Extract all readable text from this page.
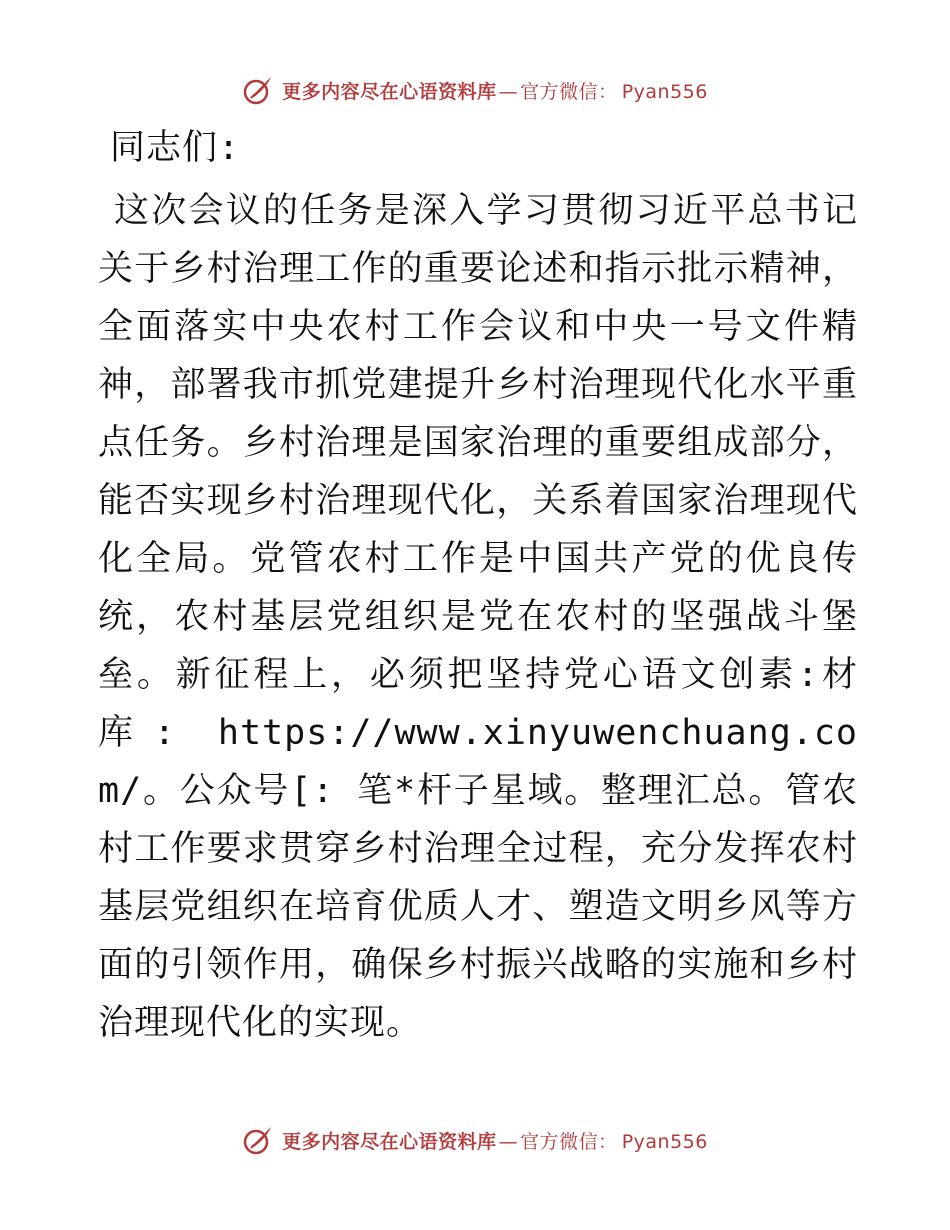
更多内容尽在心语资料库 — 官方微信： Pyan556
同志们:

这次会议的任务是深入学习贯彻习近平总书记关于乡村治理工作的重要论述和指示批示精神，全面落实中央农村工作会议和中央一号文件精神，部署我市抓党建提升乡村治理现代化水平重点任务。乡村治理是国家治理的重要组成部分，能否实现乡村治理现代化，关系着国家治理现代化全局。党管农村工作是中国共产党的优良传统，农村基层党组织是党在农村的坚强战斗堡垒。新征程上，必须把坚持党心语文创素:材库: https://www.xinyuwenchuang.com/。公众号[: 笔*杆子星域。整理汇总。管农村工作要求贯穿乡村治理全过程，充分发挥农村基层党组织在培育优质人才、塑造文明乡风等方面的引领作用，确保乡村振兴战略的实施和乡村治理现代化的实现。

更多内容尽在心语资料库 — 官方微信： Pyan556
